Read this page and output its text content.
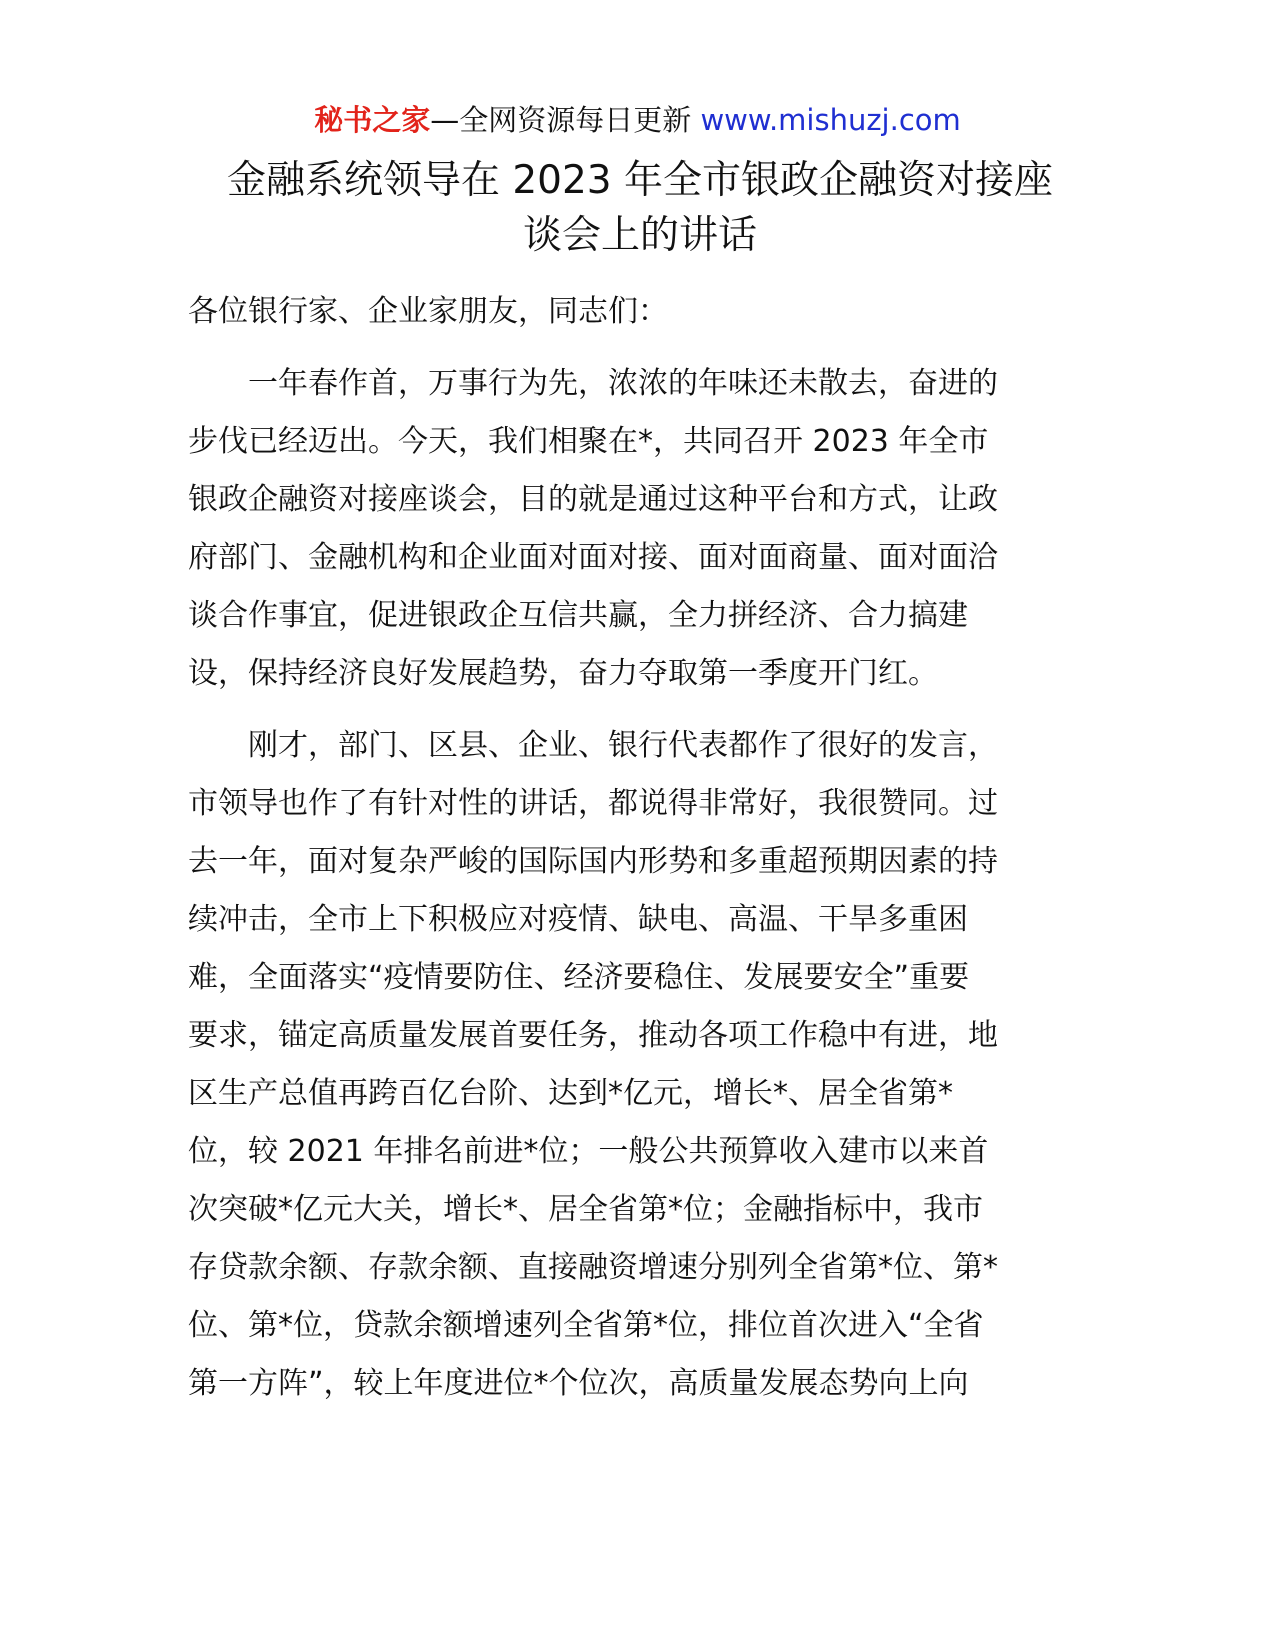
秘书之家—全网资源每日更新 www.mishuzj.com
金融系统领导在 2023 年全市银政企融资对接座
谈会上的讲话
各位银行家、企业家朋友，同志们：
　　一年春作首，万事行为先，浓浓的年味还未散去，奋进的
步伐已经迈出。今天，我们相聚在*，共同召开 2023 年全市
银政企融资对接座谈会，目的就是通过这种平台和方式，让政
府部门、金融机构和企业面对面对接、面对面商量、面对面洽
谈合作事宜，促进银政企互信共赢，全力拼经济、合力搞建
设，保持经济良好发展趋势，奋力夺取第一季度开门红。
　　刚才，部门、区县、企业、银行代表都作了很好的发言，
市领导也作了有针对性的讲话，都说得非常好，我很赞同。过
去一年，面对复杂严峻的国际国内形势和多重超预期因素的持
续冲击，全市上下积极应对疫情、缺电、高温、干旱多重困
难，全面落实“疫情要防住、经济要稳住、发展要安全”重要
要求，锚定高质量发展首要任务，推动各项工作稳中有进，地
区生产总值再跨百亿台阶、达到*亿元，增长*、居全省第*
位，较 2021 年排名前进*位；一般公共预算收入建市以来首
次突破*亿元大关，增长*、居全省第*位；金融指标中，我市
存贷款余额、存款余额、直接融资增速分别列全省第*位、第*
位、第*位，贷款余额增速列全省第*位，排位首次进入“全省
第一方阵”，较上年度进位*个位次，高质量发展态势向上向
